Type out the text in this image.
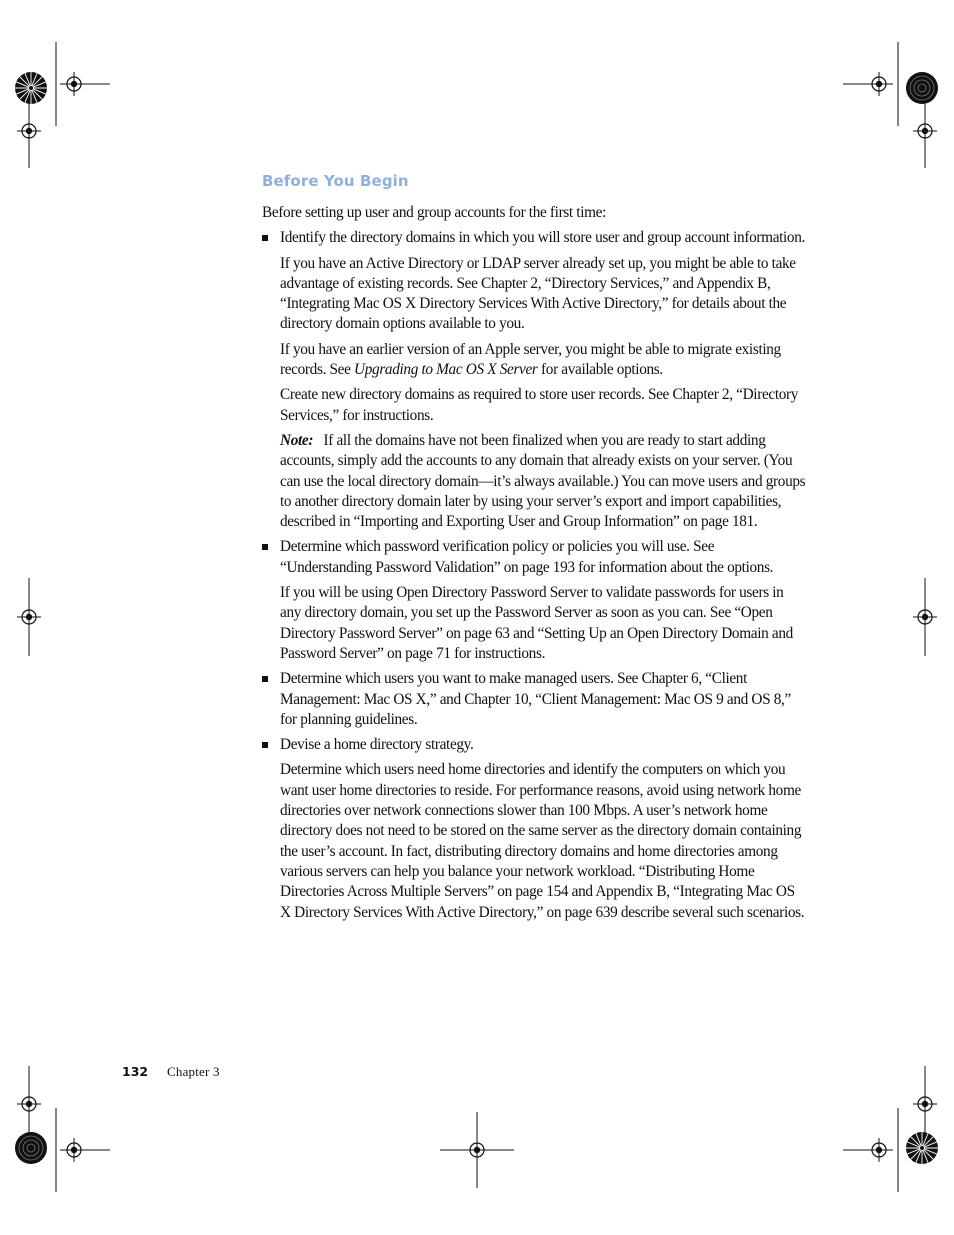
Before You Begin

Before setting up user and group accounts for the first time:

Identify the directory domains in which you will store user and group account information.

If you have an Active Directory or LDAP server already set up, you might be able to take advantage of existing records. See Chapter 2, “Directory Services,” and Appendix B, “Integrating Mac OS X Directory Services With Active Directory,” for details about the directory domain options available to you.

If you have an earlier version of an Apple server, you might be able to migrate existing records. See Upgrading to Mac OS X Server for available options.

Create new directory domains as required to store user records. See Chapter 2, “Directory Services,” for instructions.

Note: If all the domains have not been finalized when you are ready to start adding accounts, simply add the accounts to any domain that already exists on your server. (You can use the local directory domain—it’s always available.) You can move users and groups to another directory domain later by using your server’s export and import capabilities, described in “Importing and Exporting User and Group Information” on page 181.

Determine which password verification policy or policies you will use. See “Understanding Password Validation” on page 193 for information about the options.

If you will be using Open Directory Password Server to validate passwords for users in any directory domain, you set up the Password Server as soon as you can. See “Open Directory Password Server” on page 63 and “Setting Up an Open Directory Domain and Password Server” on page 71 for instructions.

Determine which users you want to make managed users. See Chapter 6, “Client Management: Mac OS X,” and Chapter 10, “Client Management: Mac OS 9 and OS 8,” for planning guidelines.

Devise a home directory strategy.

Determine which users need home directories and identify the computers on which you want user home directories to reside. For performance reasons, avoid using network home directories over network connections slower than 100 Mbps. A user’s network home directory does not need to be stored on the same server as the directory domain containing the user’s account. In fact, distributing directory domains and home directories among various servers can help you balance your network workload. “Distributing Home Directories Across Multiple Servers” on page 154 and Appendix B, “Integrating Mac OS X Directory Services With Active Directory,” on page 639 describe several such scenarios.

132	Chapter 3
